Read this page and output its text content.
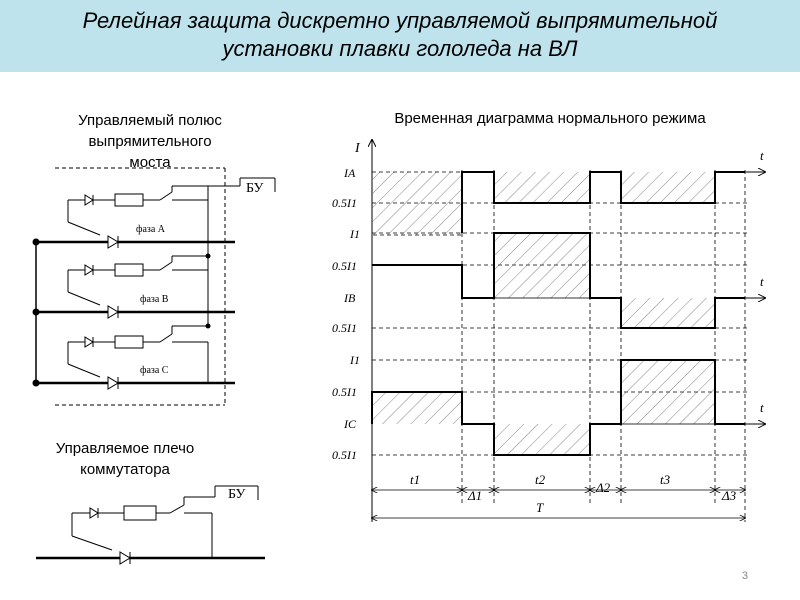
Релейная защита дискретно управляемой выпрямительной
установки плавки гололеда на ВЛ
Управляемый полюс
выпрямительного
моста
Временная диаграмма нормального режима
Управляемое плечо
коммутатора
3
БУ
фаза А
фаза В
фаза С
БУ
I
IA
0.5I1
I1
0.5I1
IB
0.5I1
I1
0.5I1
IC
0.5I1
t
t
t
t1
Δ1
t2
Δ2
t3
Δ3
T
